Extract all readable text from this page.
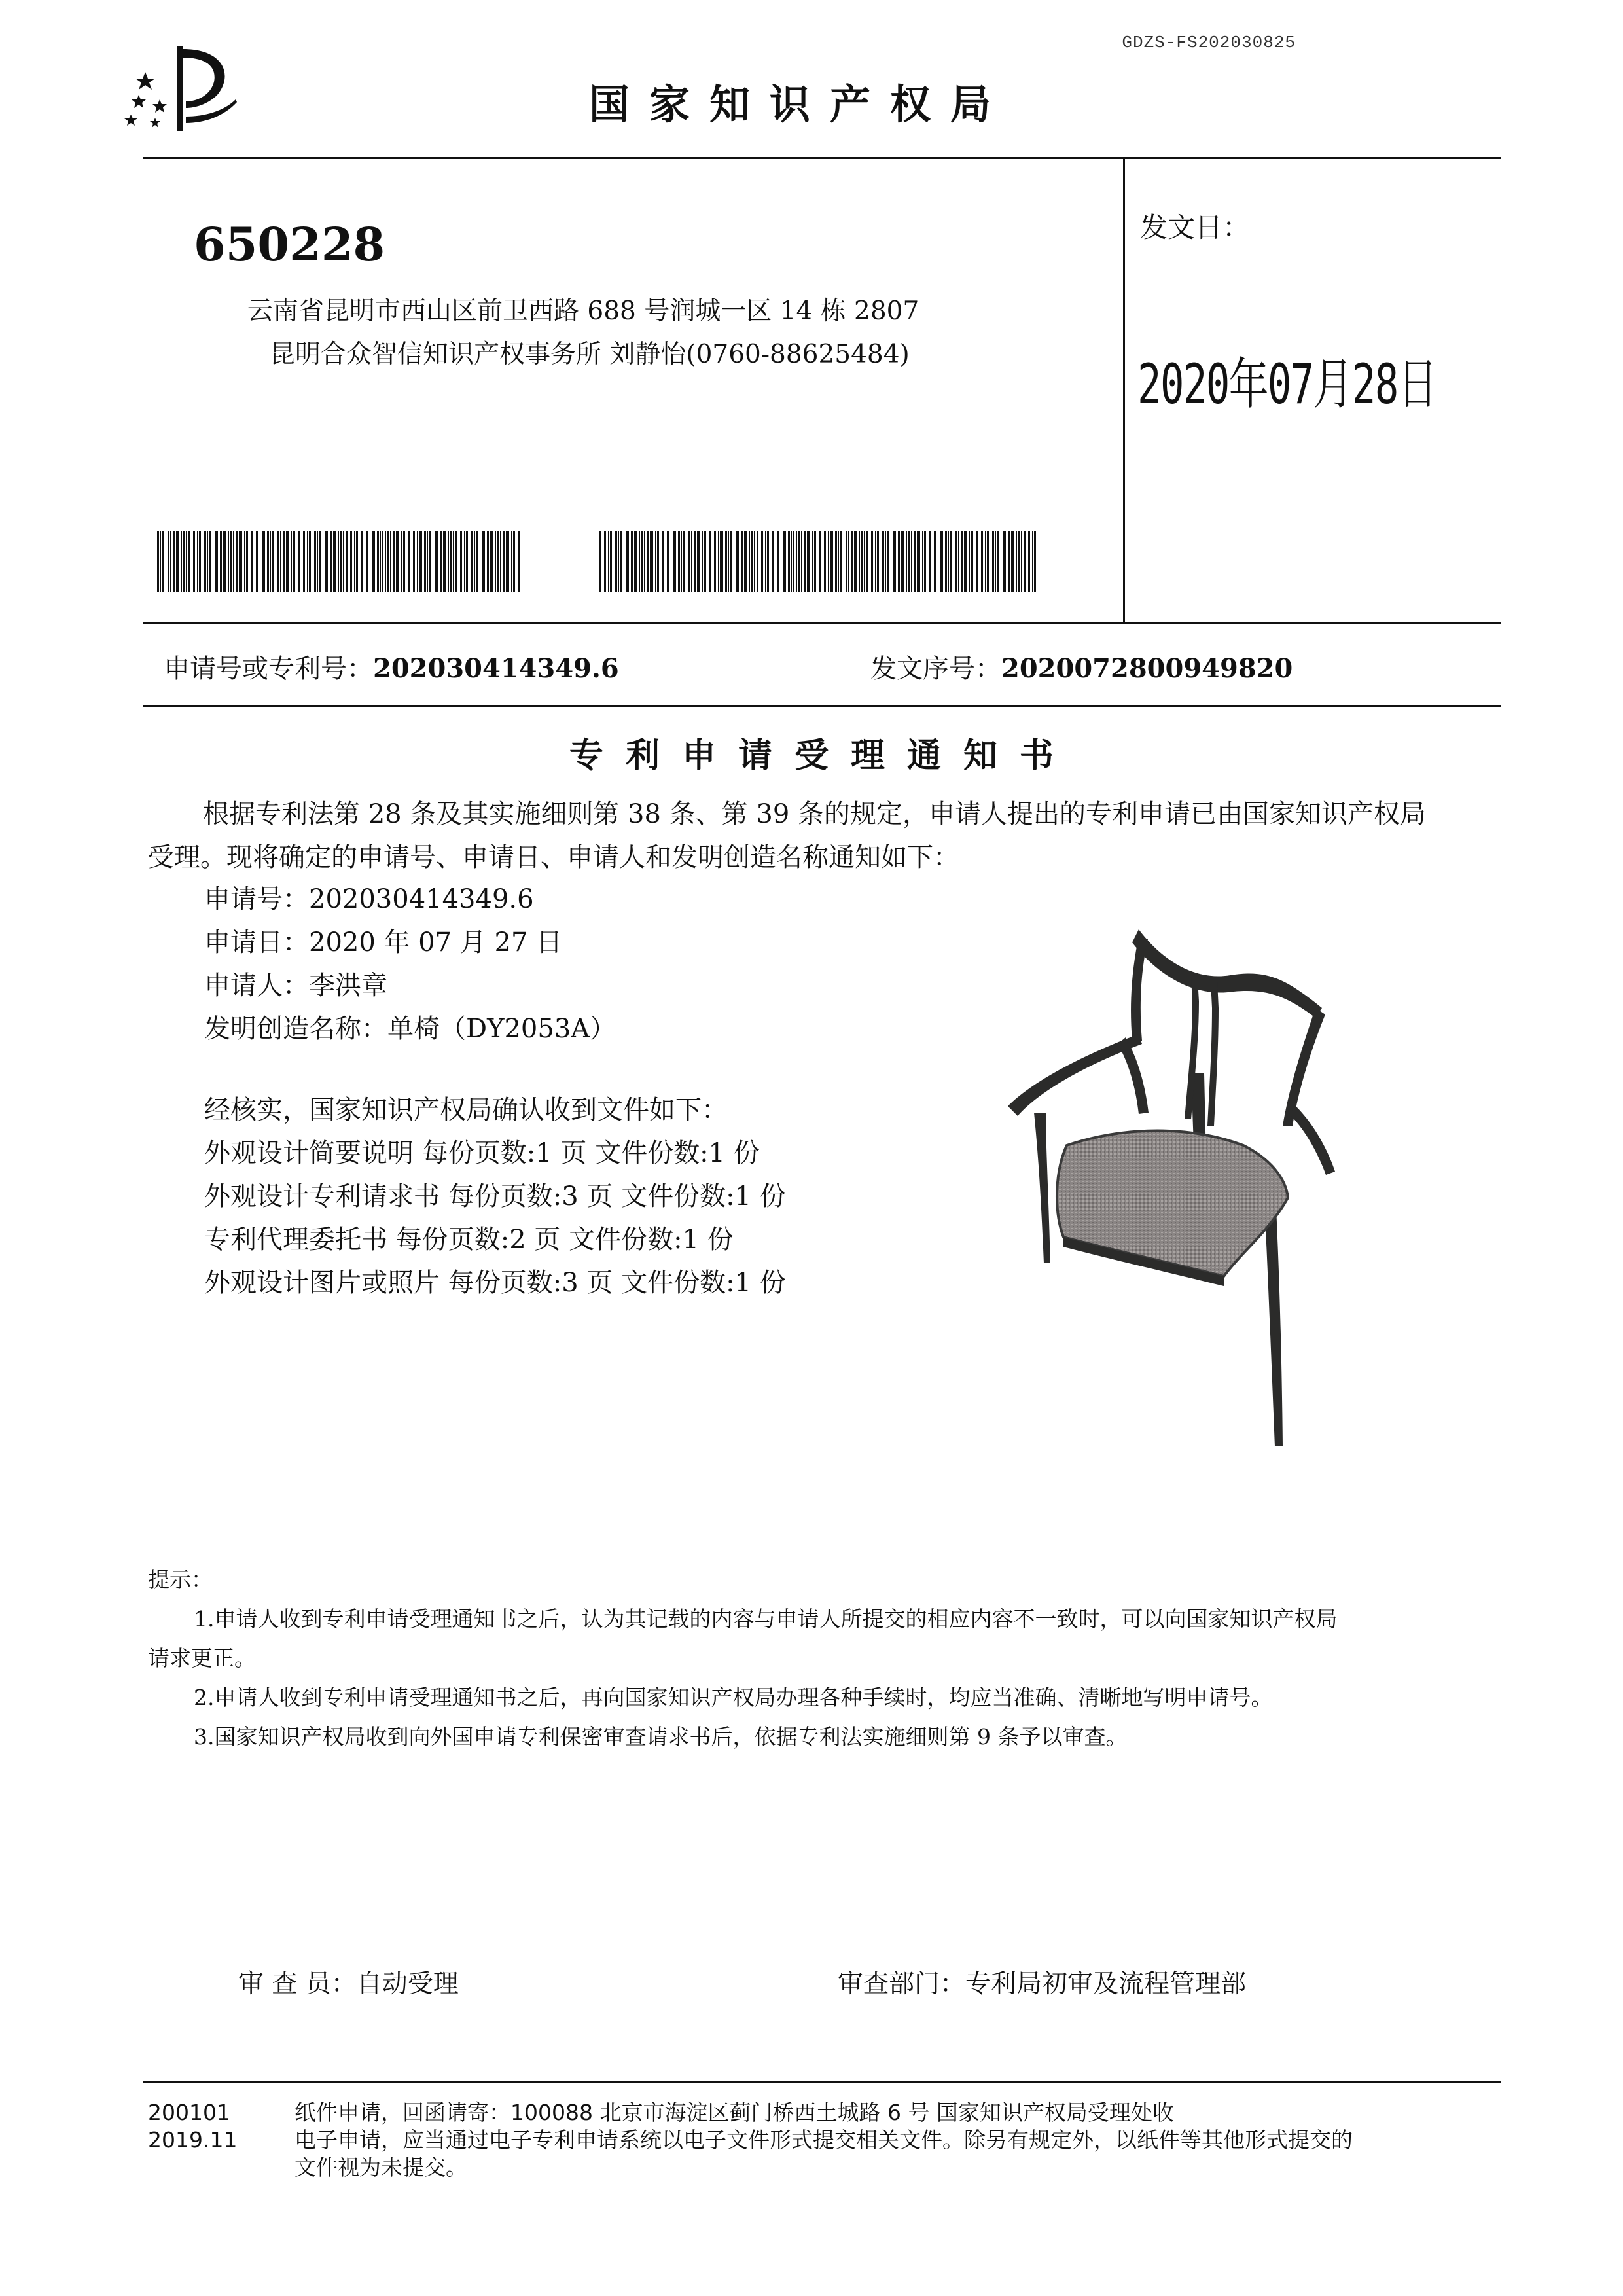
GDZS-FS202030825
国家知识产权局
650228
云南省昆明市西山区前卫西路 688 号润城一区 14 栋 2807
昆明合众智信知识产权事务所 刘静怡(0760-88625484)
发文日：
2020年07月28日
申请号或专利号：202030414349.6	发文序号：2020072800949820
专利申请受理通知书
根据专利法第 28 条及其实施细则第 38 条、第 39 条的规定，申请人提出的专利申请已由国家知识产权局
受理。现将确定的申请号、申请日、申请人和发明创造名称通知如下：
申请号：202030414349.6
申请日：2020 年 07 月 27 日
申请人：李洪章
发明创造名称：单椅（DY2053A）
经核实，国家知识产权局确认收到文件如下：
外观设计简要说明 每份页数:1 页 文件份数:1 份
外观设计专利请求书 每份页数:3 页 文件份数:1 份
专利代理委托书 每份页数:2 页 文件份数:1 份
外观设计图片或照片 每份页数:3 页 文件份数:1 份
提示：
1.申请人收到专利申请受理通知书之后，认为其记载的内容与申请人所提交的相应内容不一致时，可以向国家知识产权局
请求更正。
2.申请人收到专利申请受理通知书之后，再向国家知识产权局办理各种手续时，均应当准确、清晰地写明申请号。
3.国家知识产权局收到向外国申请专利保密审查请求书后，依据专利法实施细则第 9 条予以审查。
审 查 员：自动受理	审查部门：专利局初审及流程管理部
200101
2019.11
纸件申请，回函请寄：100088 北京市海淀区蓟门桥西土城路 6 号 国家知识产权局受理处收
电子申请，应当通过电子专利申请系统以电子文件形式提交相关文件。除另有规定外，以纸件等其他形式提交的
文件视为未提交。
